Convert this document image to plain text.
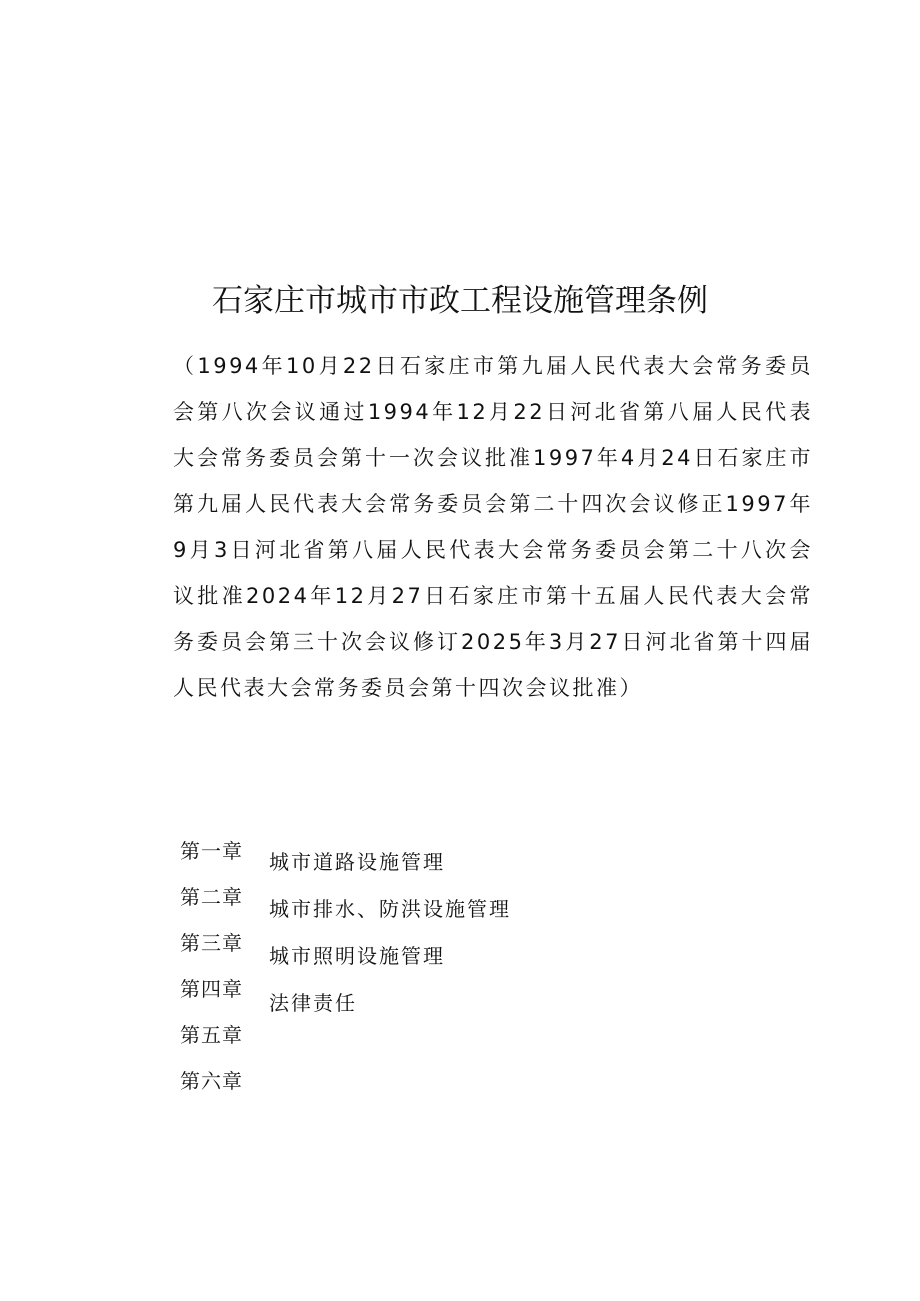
石家庄市城市市政工程设施管理条例
（1994年10月22日石家庄市第九届人民代表大会常务委员会第八次会议通过1994年12月22日河北省第八届人民代表大会常务委员会第十一次会议批准1997年4月24日石家庄市第九届人民代表大会常务委员会第二十四次会议修正1997年9月3日河北省第八届人民代表大会常务委员会第二十八次会议批准2024年12月27日石家庄市第十五届人民代表大会常务委员会第三十次会议修订2025年3月27日河北省第十四届人民代表大会常务委员会第十四次会议批准）
第一章
第二章
第三章
第四章
第五章
第六章
城市道路设施管理
城市排水、防洪设施管理
城市照明设施管理
法律责任
